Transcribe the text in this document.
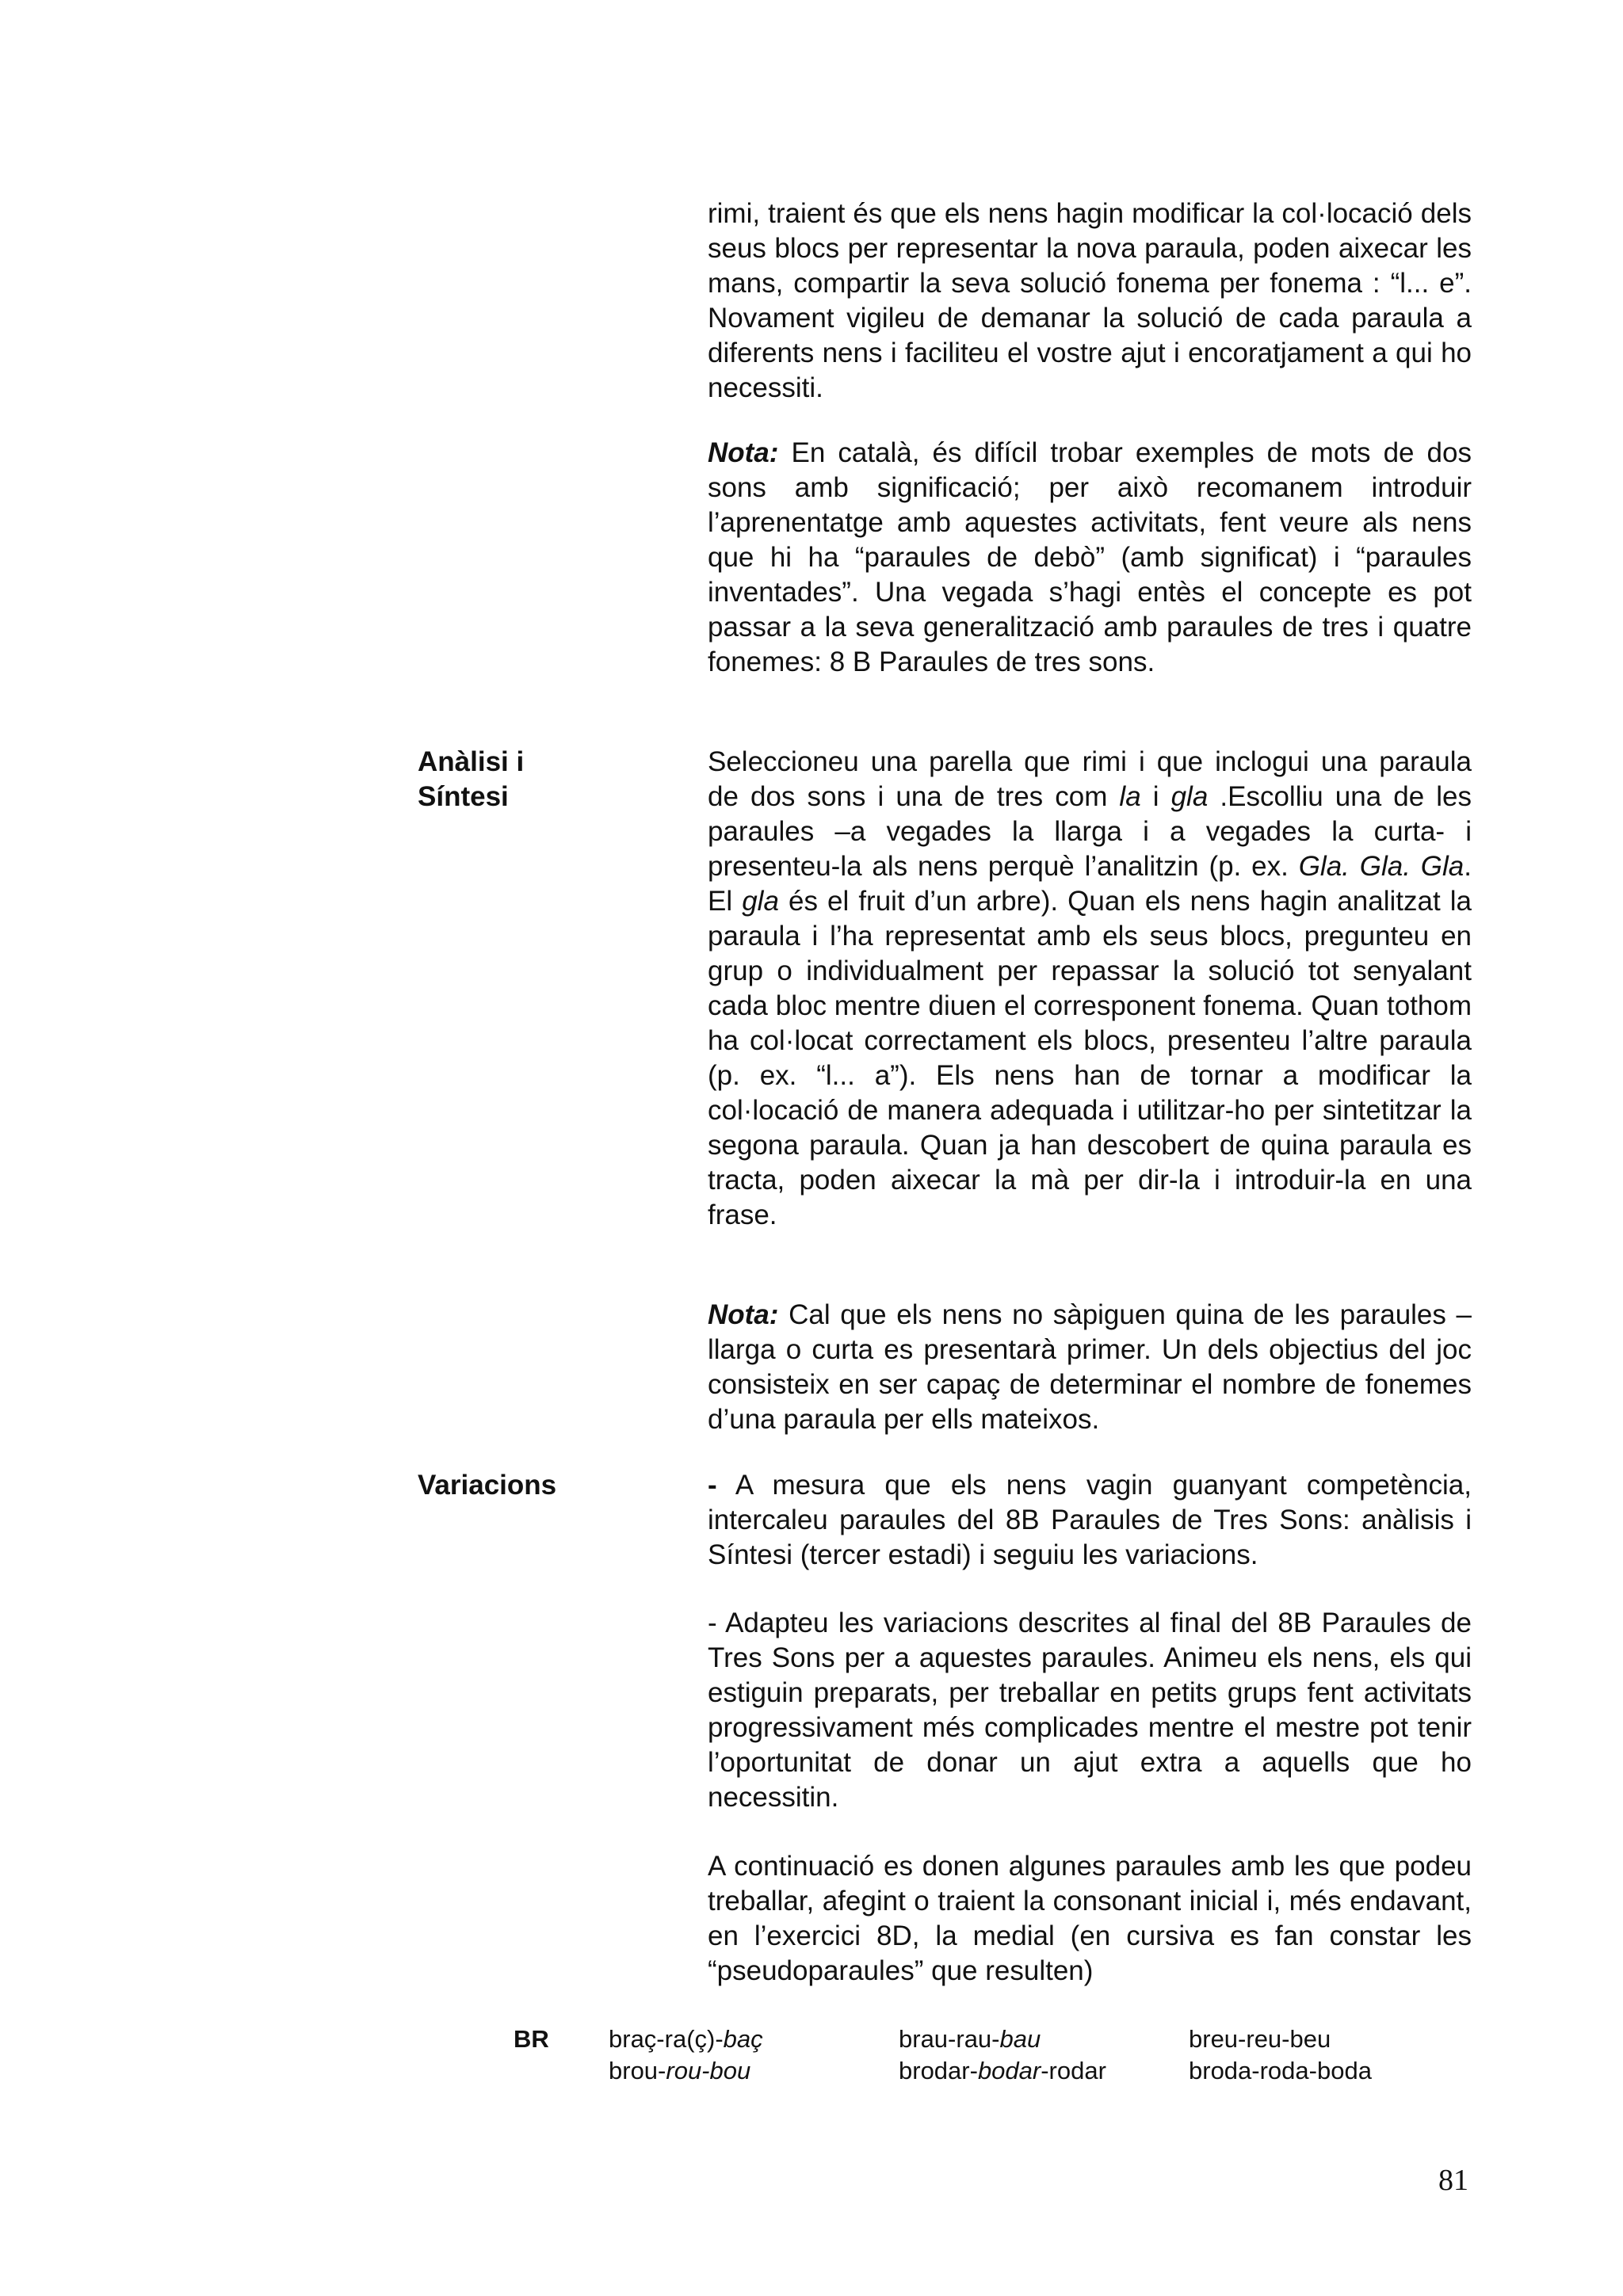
rimi, traient és que els nens hagin modificar la col·locació dels seus blocs per representar la nova paraula, poden aixecar les mans, compartir la seva solució fonema per fonema : “l... e”. Novament vigileu de demanar la solució de cada paraula a diferents nens i faciliteu el vostre ajut i encoratjament a qui ho necessiti.
Nota: En català, és difícil trobar exemples de mots de dos sons amb significació; per això recomanem introduir l’aprenentatge amb aquestes activitats, fent veure als nens que hi ha “paraules de debò” (amb significat) i “paraules inventades”. Una vegada s’hagi entès el concepte es pot passar a la seva generalització amb paraules de tres i quatre fonemes: 8 B Paraules de tres sons.
Anàlisi i
Síntesi
Seleccioneu una parella que rimi i que inclogui una paraula de dos sons i una de tres com la i gla .Escolliu una de les paraules –a vegades la llarga i a vegades la curta- i presenteu-la als nens perquè l’analitzin (p. ex. Gla. Gla. Gla. El gla és el fruit d’un arbre). Quan els nens hagin analitzat la paraula i l’ha representat amb els seus blocs, pregunteu en grup o individualment per repassar la solució tot senyalant cada bloc mentre diuen el corresponent fonema. Quan tothom ha col·locat correctament els blocs, presenteu l’altre paraula (p. ex. “l... a”). Els nens han de tornar a modificar la col·locació de manera adequada i utilitzar-ho per sintetitzar la segona paraula. Quan ja han descobert de quina paraula es tracta, poden aixecar la mà per dir-la i introduir-la en una frase.
Nota: Cal que els nens no sàpiguen quina de les paraules –llarga o curta es presentarà primer. Un dels objectius del joc consisteix en ser capaç de determinar el nombre de fonemes d’una paraula per ells mateixos.
Variacions	- A mesura que els nens vagin guanyant competència, intercaleu paraules del 8B Paraules de Tres Sons: anàlisis i Síntesi (tercer estadi) i seguiu les variacions.
- Adapteu les variacions descrites al final del 8B Paraules de Tres Sons per a aquestes paraules. Animeu els nens, els qui estiguin preparats, per treballar en petits grups fent activitats progressivament més complicades mentre el mestre pot tenir l’oportunitat de donar un ajut extra a aquells que ho necessitin.
A continuació es donen algunes paraules amb les que podeu treballar, afegint o traient la consonant inicial i, més endavant, en l’exercici 8D, la medial (en cursiva es fan constar les “pseudoparaules” que resulten)
BR braç-ra(ç)-baç	brau-rau-bau	breu-reu-beu
brou-rou-bou	brodar-bodar-rodar	broda-roda-boda
81
